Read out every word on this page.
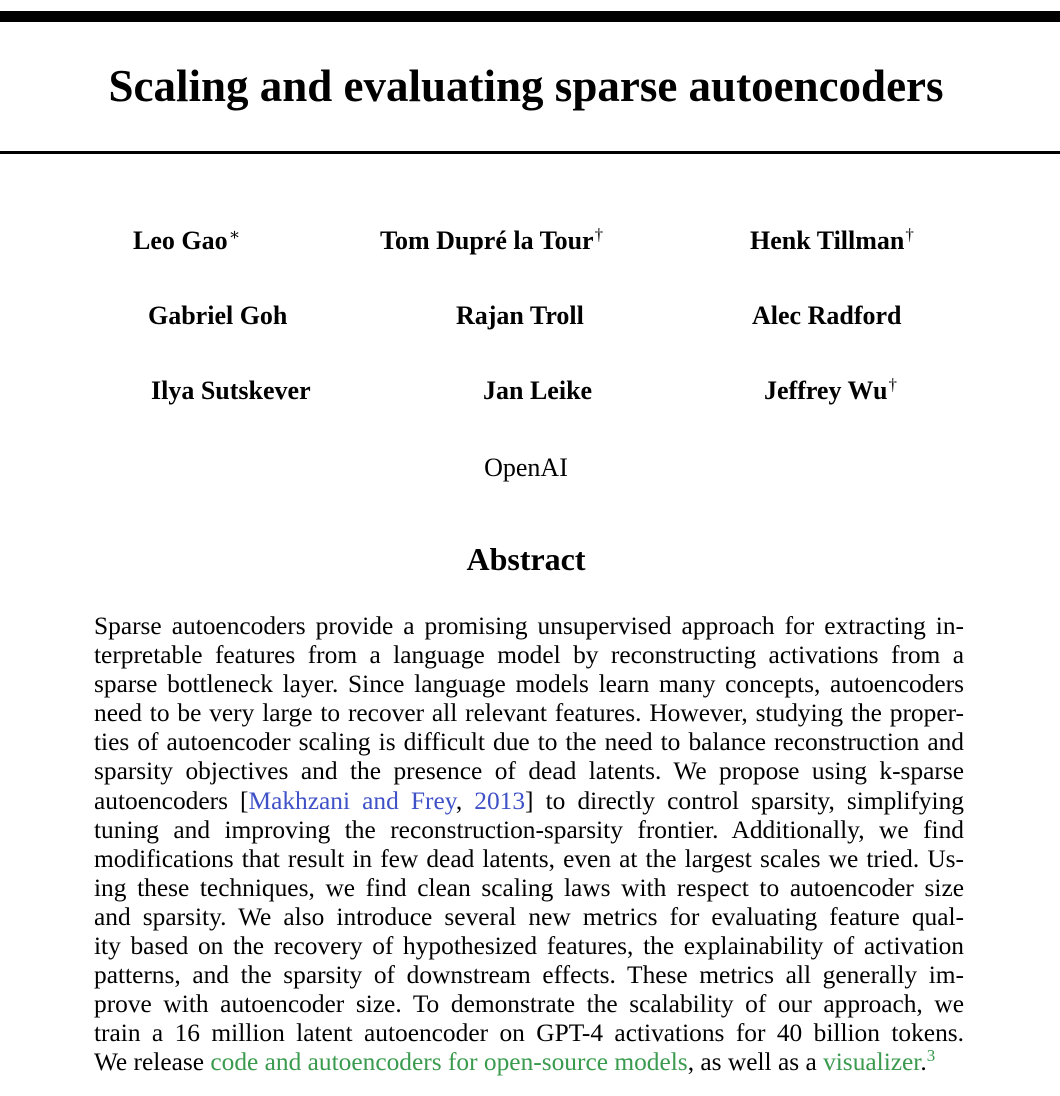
Scaling and evaluating sparse autoencoders
Leo Gao∗	Tom Dupré la Tour†	Henk Tillman†
Gabriel Goh	Rajan Troll	Alec Radford
Ilya Sutskever	Jan Leike	Jeffrey Wu†
OpenAI
Abstract
Sparse autoencoders provide a promising unsupervised approach for extracting in-
terpretable features from a language model by reconstructing activations from a
sparse bottleneck layer. Since language models learn many concepts, autoencoders
need to be very large to recover all relevant features. However, studying the proper-
ties of autoencoder scaling is difficult due to the need to balance reconstruction and
sparsity objectives and the presence of dead latents. We propose using k-sparse
autoencoders [Makhzani and Frey, 2013] to directly control sparsity, simplifying
tuning and improving the reconstruction-sparsity frontier. Additionally, we find
modifications that result in few dead latents, even at the largest scales we tried. Us-
ing these techniques, we find clean scaling laws with respect to autoencoder size
and sparsity. We also introduce several new metrics for evaluating feature qual-
ity based on the recovery of hypothesized features, the explainability of activation
patterns, and the sparsity of downstream effects. These metrics all generally im-
prove with autoencoder size. To demonstrate the scalability of our approach, we
train a 16 million latent autoencoder on GPT-4 activations for 40 billion tokens.
We release code and autoencoders for open-source models, as well as a visualizer.$^3$
